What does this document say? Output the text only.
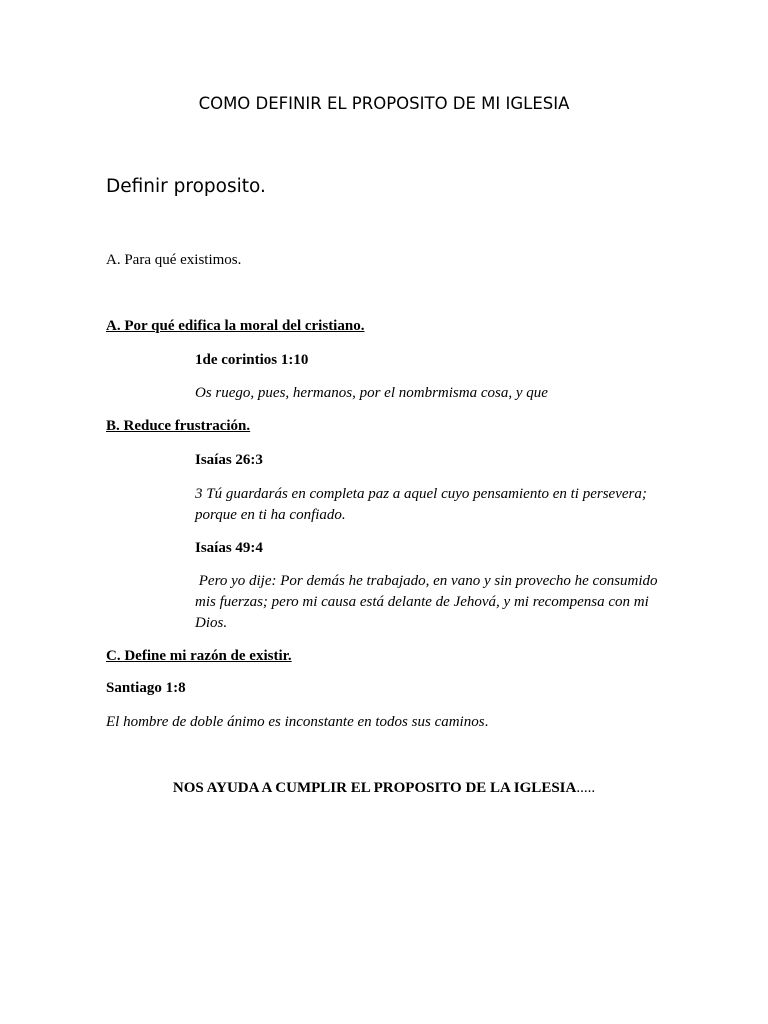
COMO DEFINIR EL PROPOSITO DE MI IGLESIA
Definir proposito.
A. Para qué existimos.
A. Por qué edifica la moral del cristiano.
1de corintios 1:10
Os ruego, pues, hermanos, por el nombrmisma cosa, y que
B. Reduce frustración.
Isaías 26:3
3 Tú guardarás en completa paz a aquel cuyo pensamiento en ti persevera; porque en ti ha confiado.
Isaías 49:4
Pero yo dije: Por demás he trabajado, en vano y sin provecho he consumido mis fuerzas; pero mi causa está delante de Jehová, y mi recompensa con mi Dios.
C. Define mi razón de existir.
Santiago 1:8
El hombre de doble ánimo es inconstante en todos sus caminos.
NOS AYUDA A CUMPLIR EL PROPOSITO DE LA IGLESIA.....
